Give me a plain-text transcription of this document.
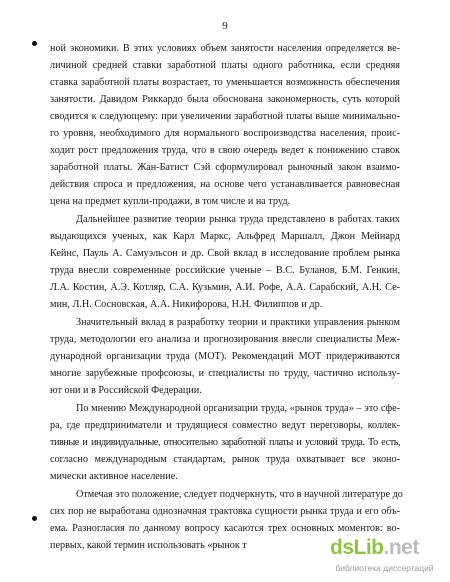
9
ной экономики. В этих условиях объем занятости населения определяется ве-
личиной средней ставки заработной платы одного работника, если средняя
ставка заработной платы возрастает, то уменьшается возможность обеспечения
занятости. Давидом Риккардо была обоснована закономерность, суть которой
сводится к следующему: при увеличении заработной платы выше минимально-
го уровня, необходимого для нормального воспроизводства населения, проис-
ходит рост предложения труда, что в свою очередь ведет к понижению ставок
заработной платы. Жан-Батист Сэй сформулировал рыночный закон взаимо-
действия спроса и предложения, на основе чего устанавливается равновесная
цена на предмет купли-продажи, в том числе и на труд.
Дальнейшее развитие теории рынка труда представлено в работах таких
выдающихся ученых, как Карл Маркс, Альфред Маршалл, Джон Мейнард
Кейнс, Пауль А. Самуэльсон и др. Свой вклад в исследование проблем рынка
труда внесли современные российские ученые – В.С. Буланов, Б.М. Генкин,
Л.А. Костин, А.Э. Котляр, С.А. Кузьмин, А.И. Рофе, А.А. Сарабский, А.Н. Се-
мин, Л.Н. Сосновская, А.А. Никифорова, Н.Н. Филиппов и др.
Значительный вклад в разработку теории и практики управления рынком
труда, методологии его анализа и прогнозирования внесли специалисты Меж-
дународной организации труда (МОТ). Рекомендаций МОТ придерживаются
многие зарубежные профсоюзы, и специалисты по труду, частично использу-
ют они и в Российской Федерации.
По мнению Международной организации труда, «рынок труда» – это сфе-
ра, где предприниматели и трудящиеся совместно ведут переговоры, коллек-
тивные и индивидуальные, относительно заработной платы и условий труда. То есть,
согласно международным стандартам, рынок труда охватывает все эконо-
мически активное население.
Отмечая это положение, следует подчеркнуть, что в научной литературе до
сих пор не выработана однозначная трактовка сущности рынка труда и его объ-
ема. Разногласия по данному вопросу касаются трех основных моментов: во-
первых, какой термин использовать «рынок т	dsLib.net
библиотека диссертаций
